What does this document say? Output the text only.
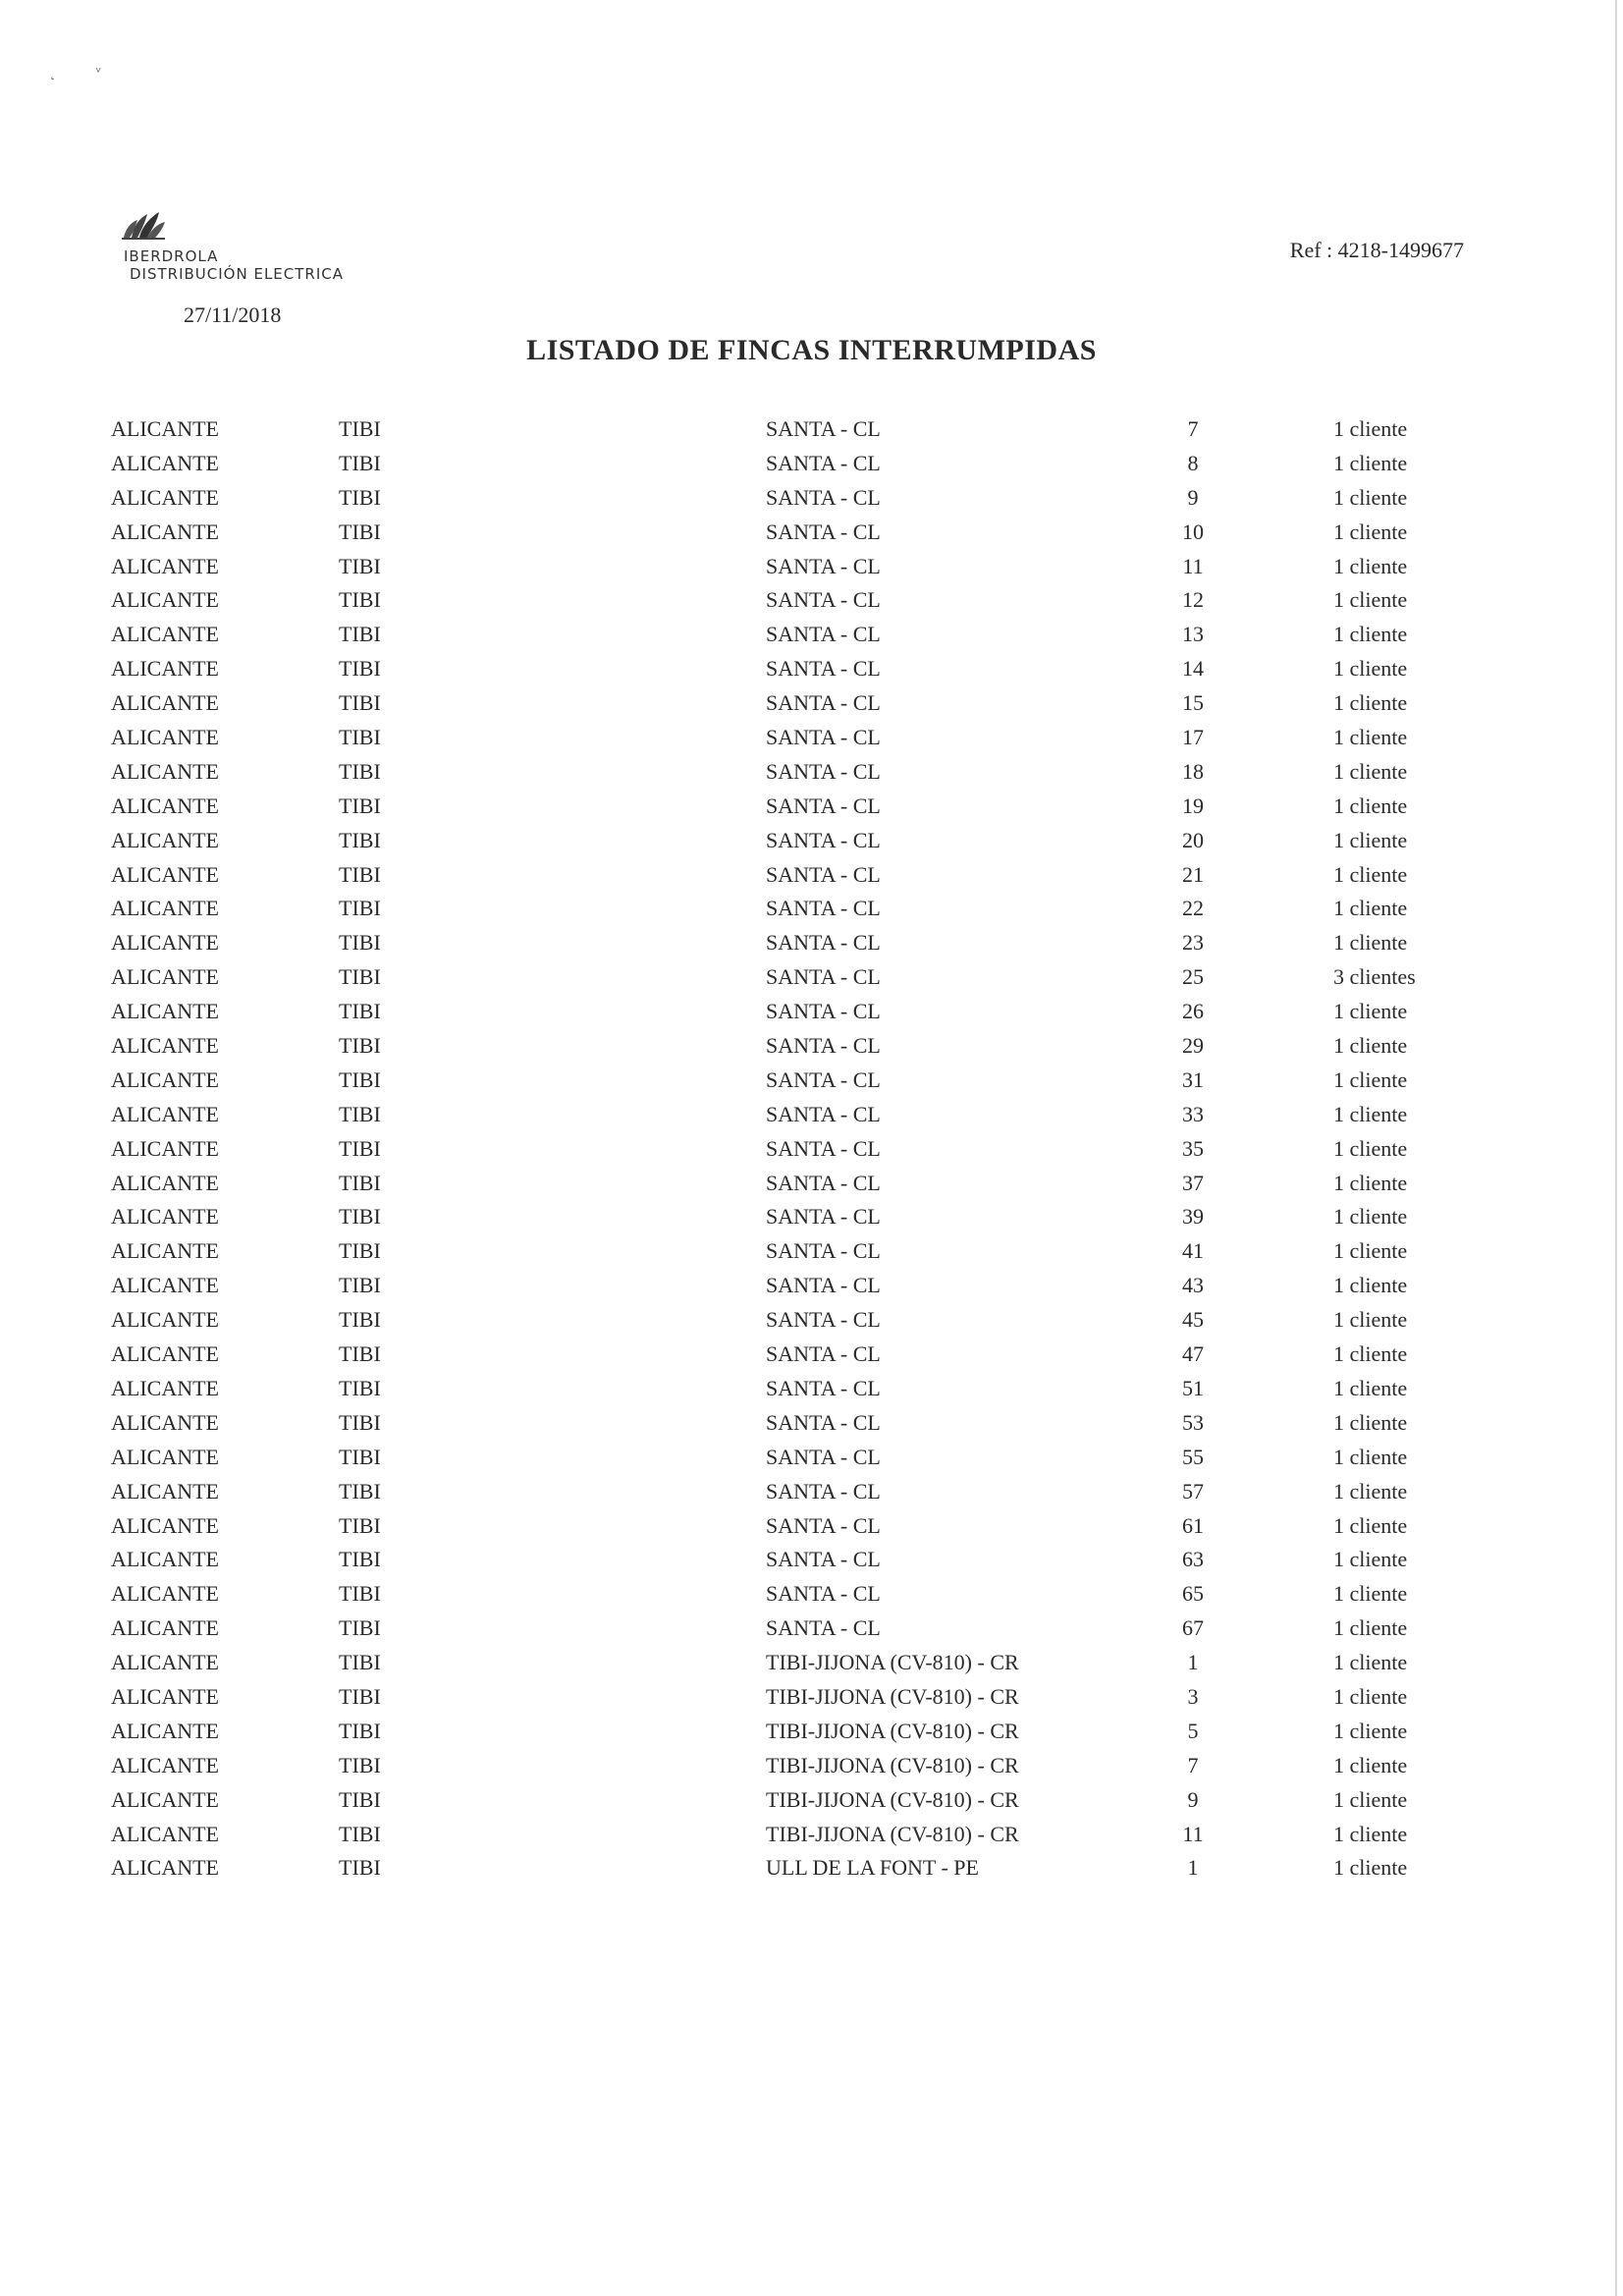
˛ ᵛ
IBERDROLA
DISTRIBUCIÓN ELECTRICA
Ref : 4218-1499677
27/11/2018
LISTADO DE FINCAS INTERRUMPIDAS
ALICANTE	TIBI	SANTA - CL	7	1 cliente
ALICANTE	TIBI	SANTA - CL	8	1 cliente
ALICANTE	TIBI	SANTA - CL	9	1 cliente
ALICANTE	TIBI	SANTA - CL	10	1 cliente
ALICANTE	TIBI	SANTA - CL	11	1 cliente
ALICANTE	TIBI	SANTA - CL	12	1 cliente
ALICANTE	TIBI	SANTA - CL	13	1 cliente
ALICANTE	TIBI	SANTA - CL	14	1 cliente
ALICANTE	TIBI	SANTA - CL	15	1 cliente
ALICANTE	TIBI	SANTA - CL	17	1 cliente
ALICANTE	TIBI	SANTA - CL	18	1 cliente
ALICANTE	TIBI	SANTA - CL	19	1 cliente
ALICANTE	TIBI	SANTA - CL	20	1 cliente
ALICANTE	TIBI	SANTA - CL	21	1 cliente
ALICANTE	TIBI	SANTA - CL	22	1 cliente
ALICANTE	TIBI	SANTA - CL	23	1 cliente
ALICANTE	TIBI	SANTA - CL	25	3 clientes
ALICANTE	TIBI	SANTA - CL	26	1 cliente
ALICANTE	TIBI	SANTA - CL	29	1 cliente
ALICANTE	TIBI	SANTA - CL	31	1 cliente
ALICANTE	TIBI	SANTA - CL	33	1 cliente
ALICANTE	TIBI	SANTA - CL	35	1 cliente
ALICANTE	TIBI	SANTA - CL	37	1 cliente
ALICANTE	TIBI	SANTA - CL	39	1 cliente
ALICANTE	TIBI	SANTA - CL	41	1 cliente
ALICANTE	TIBI	SANTA - CL	43	1 cliente
ALICANTE	TIBI	SANTA - CL	45	1 cliente
ALICANTE	TIBI	SANTA - CL	47	1 cliente
ALICANTE	TIBI	SANTA - CL	51	1 cliente
ALICANTE	TIBI	SANTA - CL	53	1 cliente
ALICANTE	TIBI	SANTA - CL	55	1 cliente
ALICANTE	TIBI	SANTA - CL	57	1 cliente
ALICANTE	TIBI	SANTA - CL	61	1 cliente
ALICANTE	TIBI	SANTA - CL	63	1 cliente
ALICANTE	TIBI	SANTA - CL	65	1 cliente
ALICANTE	TIBI	SANTA - CL	67	1 cliente
ALICANTE	TIBI	TIBI-JIJONA (CV-810) - CR	1	1 cliente
ALICANTE	TIBI	TIBI-JIJONA (CV-810) - CR	3	1 cliente
ALICANTE	TIBI	TIBI-JIJONA (CV-810) - CR	5	1 cliente
ALICANTE	TIBI	TIBI-JIJONA (CV-810) - CR	7	1 cliente
ALICANTE	TIBI	TIBI-JIJONA (CV-810) - CR	9	1 cliente
ALICANTE	TIBI	TIBI-JIJONA (CV-810) - CR	11	1 cliente
ALICANTE	TIBI	ULL DE LA FONT - PE	1	1 cliente
